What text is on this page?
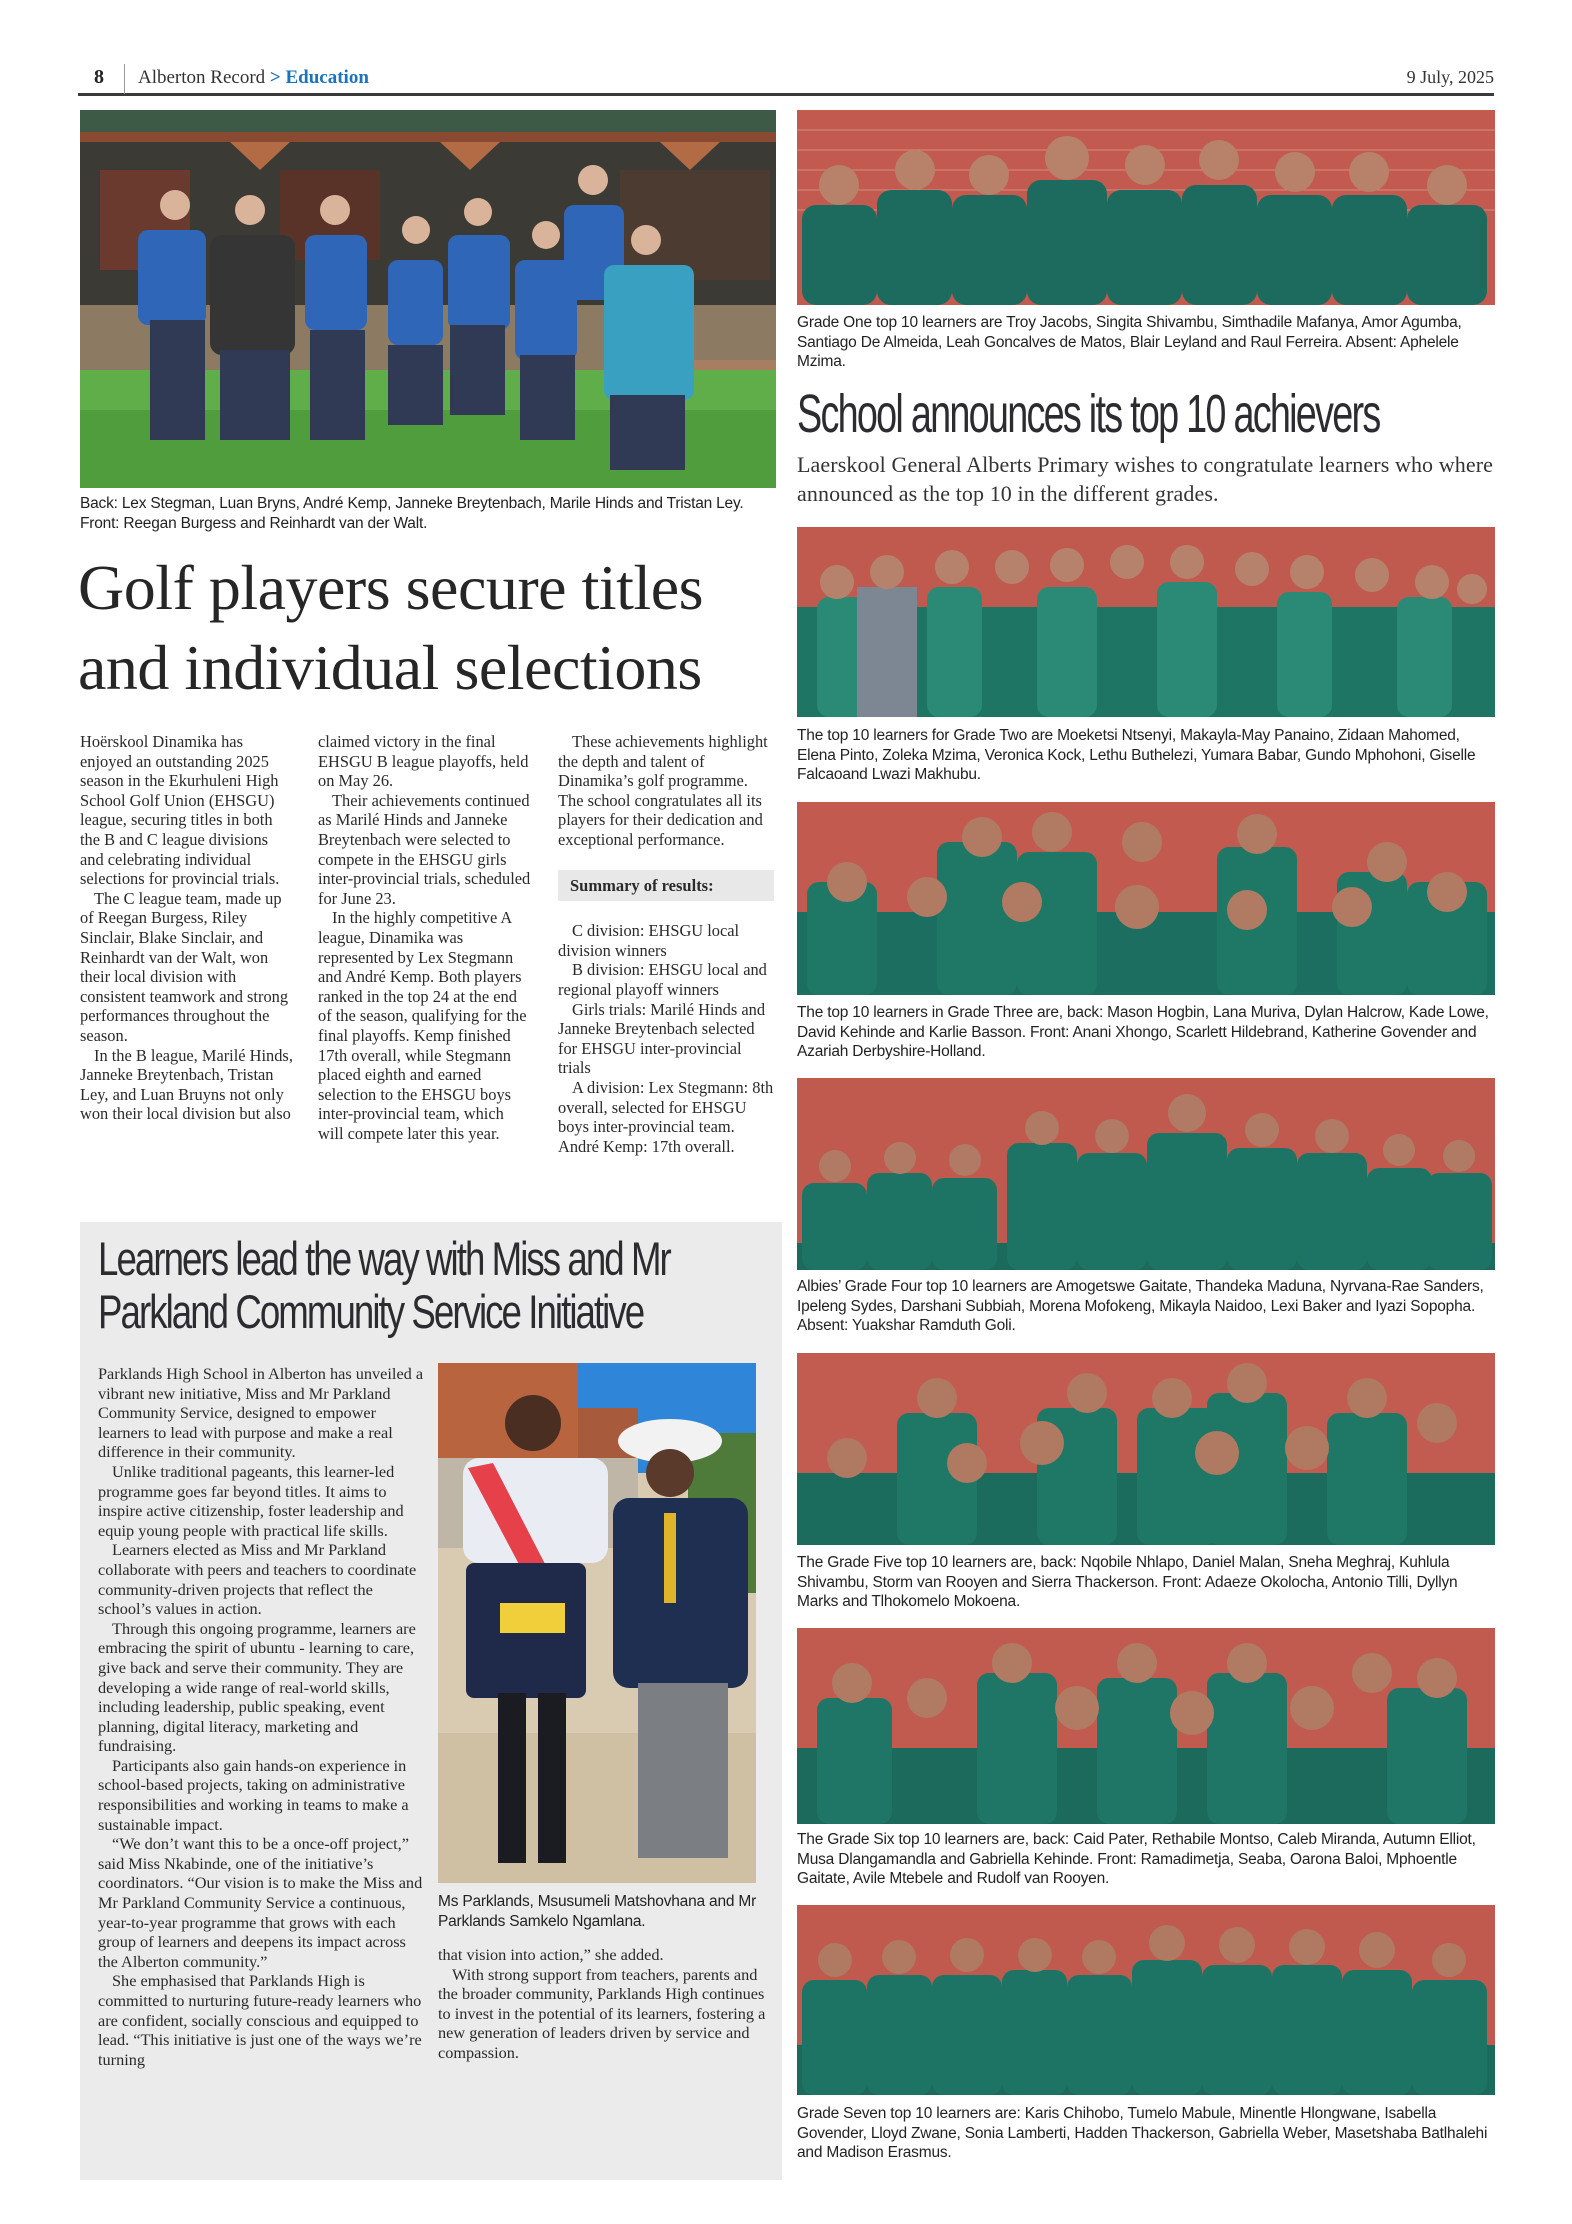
8 Alberton Record > Education	9 July, 2025
Back: Lex Stegman, Luan Bryns, André Kemp, Janneke Breytenbach, Marile Hinds and Tristan Ley. Front: Reegan Burgess and Reinhardt van der Walt.
Golf players secure titles
and individual selections

Hoërskool Dinamika has enjoyed an outstanding 2025 season in the Ekurhuleni High School Golf Union (EHSGU) league, securing titles in both the B and C league divisions and celebrating individual selections for provincial trials.

The C league team, made up of Reegan Burgess, Riley Sinclair, Blake Sinclair, and Reinhardt van der Walt, won their local division with consistent teamwork and strong performances throughout the season.

In the B league, Marilé Hinds, Janneke Breytenbach, Tristan Ley, and Luan Bruyns not only won their local division but also

claimed victory in the final EHSGU B league playoffs, held on May 26.

Their achievements continued as Marilé Hinds and Janneke Breytenbach were selected to compete in the EHSGU girls inter-provincial trials, scheduled for June 23.

In the highly competitive A league, Dinamika was represented by Lex Stegmann and André Kemp. Both players ranked in the top 24 at the end of the season, qualifying for the final playoffs. Kemp finished 17th overall, while Stegmann placed eighth and earned selection to the EHSGU boys inter-provincial team, which will compete later this year.

These achievements highlight the depth and talent of Dinamika’s golf programme. The school congratulates all its players for their dedication and exceptional performance.

Summary of results:

C division: EHSGU local division winners

B division: EHSGU local and regional playoff winners

Girls trials: Marilé Hinds and Janneke Breytenbach selected for EHSGU inter-provincial trials

A division: Lex Stegmann: 8th overall, selected for EHSGU boys inter-provincial team. André Kemp: 17th overall.

Learners lead the way with Miss and Mr
Parkland Community Service Initiative

Parklands High School in Alberton has unveiled a vibrant new initiative, Miss and Mr Parkland Community Service, designed to empower learners to lead with purpose and make a real difference in their community.

Unlike traditional pageants, this learner-led programme goes far beyond titles. It aims to inspire active citizenship, foster leadership and equip young people with practical life skills.

Learners elected as Miss and Mr Parkland collaborate with peers and teachers to coordinate community-driven projects that reflect the school’s values in action.

Through this ongoing programme, learners are embracing the spirit of ubuntu - learning to care, give back and serve their community. They are developing a wide range of real-world skills, including leadership, public speaking, event planning, digital literacy, marketing and fundraising.

Participants also gain hands-on experience in school-based projects, taking on administrative responsibilities and working in teams to make a sustainable impact.

“We don’t want this to be a once-off project,” said Miss Nkabinde, one of the initiative’s coordinators. “Our vision is to make the Miss and Mr Parkland Community Service a continuous, year-to-year programme that grows with each group of learners and deepens its impact across the Alberton community.”

She emphasised that Parklands High is committed to nurturing future-ready learners who are confident, socially conscious and equipped to lead. “This initiative is just one of the ways we’re turning

Ms Parklands, Msusumeli Matshovhana and Mr Parklands Samkelo Ngamlana.

that vision into action,” she added.

With strong support from teachers, parents and the broader community, Parklands High continues to invest in the potential of its learners, fostering a new generation of leaders driven by service and compassion.

Grade One top 10 learners are Troy Jacobs, Singita Shivambu, Simthadile Mafanya, Amor Agumba, Santiago De Almeida, Leah Goncalves de Matos, Blair Leyland and Raul Ferreira. Absent: Aphelele Mzima.
School announces its top 10 achievers
Laerskool General Alberts Primary wishes to congratulate learners who where announced as the top 10 in the different grades.
The top 10 learners for Grade Two are Moeketsi Ntsenyi, Makayla-May Panaino, Zidaan Mahomed, Elena Pinto, Zoleka Mzima, Veronica Kock, Lethu Buthelezi, Yumara Babar, Gundo Mphohoni, Giselle Falcaoand Lwazi Makhubu.
The top 10 learners in Grade Three are, back: Mason Hogbin, Lana Muriva, Dylan Halcrow, Kade Lowe, David Kehinde and Karlie Basson. Front: Anani Xhongo, Scarlett Hildebrand, Katherine Govender and Azariah Derbyshire-Holland.
Albies’ Grade Four top 10 learners are Amogetswe Gaitate, Thandeka Maduna, Nyrvana-Rae Sanders, Ipeleng Sydes, Darshani Subbiah, Morena Mofokeng, Mikayla Naidoo, Lexi Baker and Iyazi Sopopha. Absent: Yuakshar Ramduth Goli.
The Grade Five top 10 learners are, back: Nqobile Nhlapo, Daniel Malan, Sneha Meghraj, Kuhlula Shivambu, Storm van Rooyen and Sierra Thackerson. Front: Adaeze Okolocha, Antonio Tilli, Dyllyn Marks and Tlhokomelo Mokoena.
The Grade Six top 10 learners are, back: Caid Pater, Rethabile Montso, Caleb Miranda, Autumn Elliot, Musa Dlangamandla and Gabriella Kehinde. Front: Ramadimetja, Seaba, Oarona Baloi, Mphoentle Gaitate, Avile Mtebele and Rudolf van Rooyen.
Grade Seven top 10 learners are: Karis Chihobo, Tumelo Mabule, Minentle Hlongwane, Isabella Govender, Lloyd Zwane, Sonia Lamberti, Hadden Thackerson, Gabriella Weber, Masetshaba Batlhalehi and Madison Erasmus.
